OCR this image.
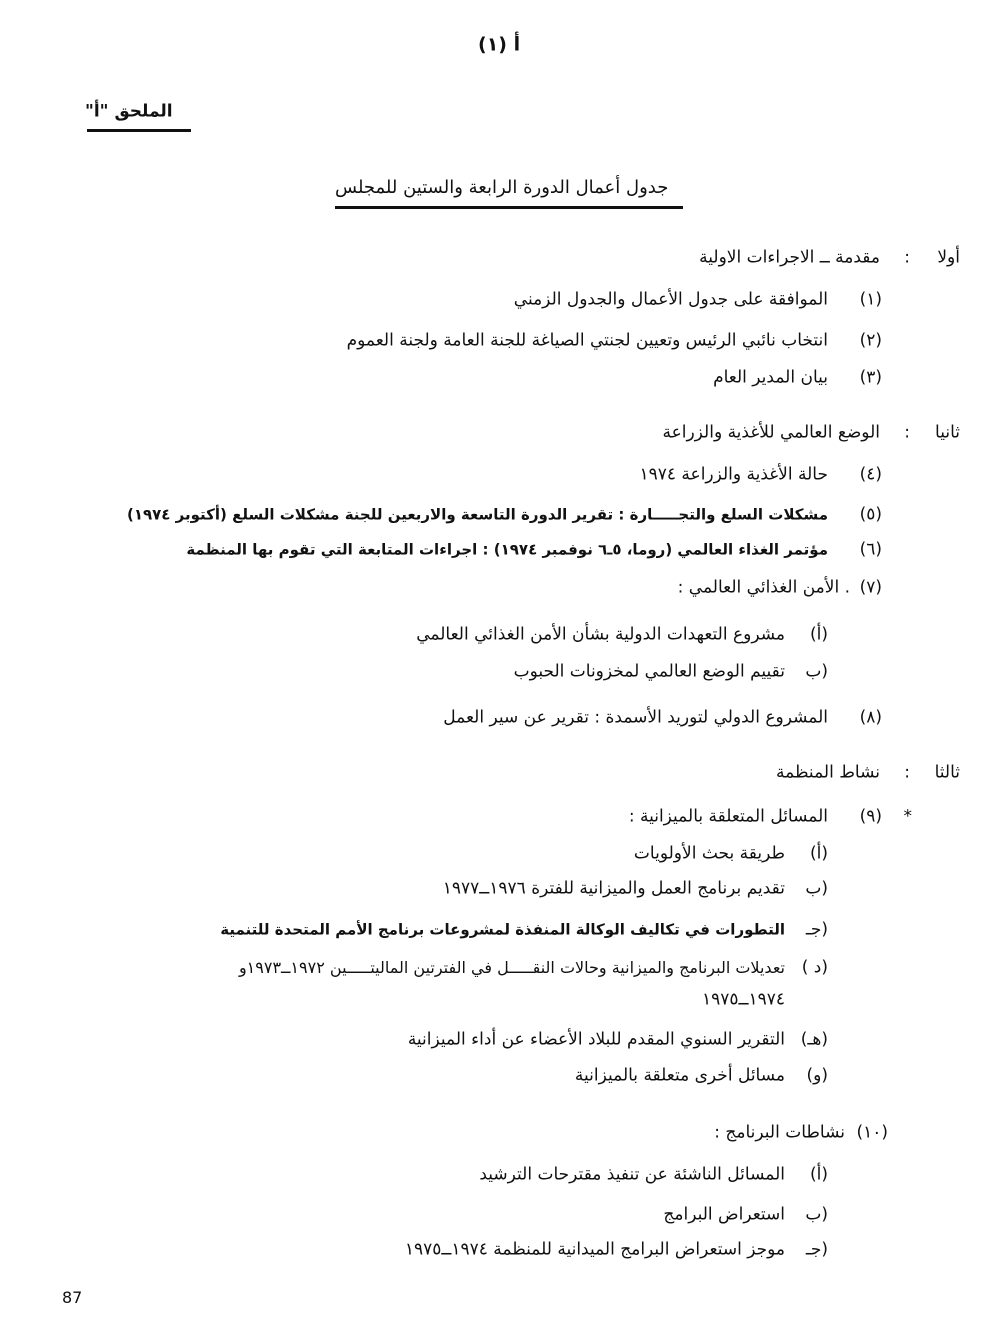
أ (١)
الملحق "أ"
جدول أعمال الدورة الرابعة والستين للمجلس
أولا
:
مقدمة ــ الاجراءات الاولية
(١)
الموافقة على جدول الأعمال والجدول الزمني
(٢)
انتخاب نائبي الرئيس وتعيين لجنتي الصياغة للجنة العامة ولجنة العموم
(٣)
بيان المدير العام
ثانيا
:
الوضع العالمي للأغذية والزراعة
(٤)
حالة الأغذية والزراعة ١٩٧٤
(٥)
مشكلات السلع والتجـــــارة : تقرير الدورة التاسعة والاربعين للجنة مشكلات السلع (أكتوبر ١٩٧٤)
(٦)
مؤتمر الغذاء العالمي (روما، ٥ـ٦ نوفمبر ١٩٧٤) : اجراءات المتابعة التي تقوم بها المنظمة
(٧)
. الأمن الغذائي العالمي :
(أ)
مشروع التعهدات الدولية بشأن الأمن الغذائي العالمي
(ب
تقييم الوضع العالمي لمخزونات الحبوب
(٨)
المشروع الدولي لتوريد الأسمدة : تقرير عن سير العمل
ثالثا
:
نشاط المنظمة
*
(٩)
المسائل المتعلقة بالميزانية :
(أ)
طريقة بحث الأولويات
(ب
تقديم برنامج العمل والميزانية للفترة ١٩٧٦ــ١٩٧٧
(جـ
التطورات في تكاليف الوكالة المنفذة لمشروعات برنامج الأمم المتحدة للتنمية
(د )
تعديلات البرنامج والميزانية وحالات النقـــــل في الفترتين الماليتـــــين ١٩٧٢ــ١٩٧٣و
١٩٧٤ــ١٩٧٥
(هـ)
التقرير السنوي المقدم للبلاد الأعضاء عن أداء الميزانية
(و)
مسائل أخرى متعلقة بالميزانية
(١٠)
نشاطات البرنامج :
(أ)
المسائل الناشئة عن تنفيذ مقترحات الترشيد
(ب
استعراض البرامج
(جـ
موجز استعراض البرامج الميدانية للمنظمة ١٩٧٤ــ١٩٧٥
87
